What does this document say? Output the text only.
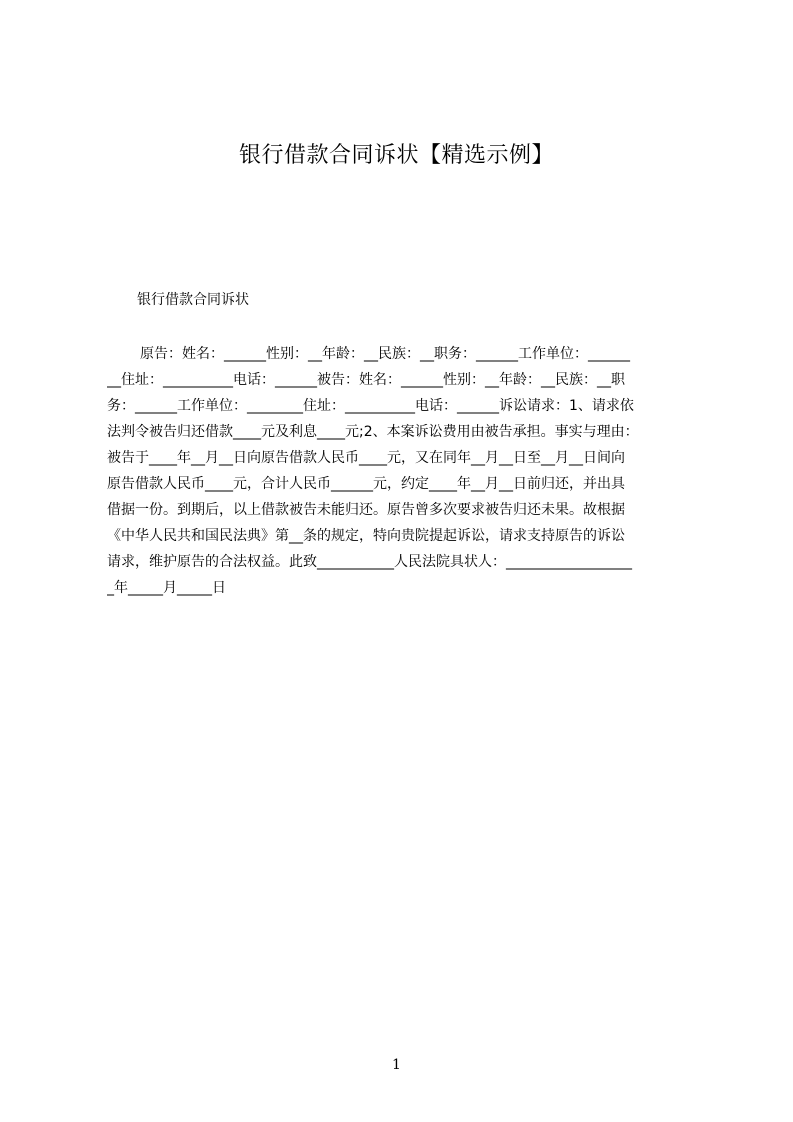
银行借款合同诉状【精选示例】
银行借款合同诉状
原告：姓名：______性别：__年龄：__民族：__职务：______工作单位：______
__住址：__________电话：______被告：姓名：______性别：__年龄：__民族：__职
务：______工作单位：________住址：__________电话：______诉讼请求：1、请求依
法判令被告归还借款____元及利息____元;2、本案诉讼费用由被告承担。事实与理由：
被告于____年__月__日向原告借款人民币____元，又在同年__月__日至__月__日间向
原告借款人民币____元，合计人民币______元，约定____年__月__日前归还，并出具
借据一份。到期后，以上借款被告未能归还。原告曾多次要求被告归还未果。故根据
《中华人民共和国民法典》第__条的规定，特向贵院提起诉讼，请求支持原告的诉讼
请求，维护原告的合法权益。此致___________人民法院具状人：__________________
_年_____月_____日
1
